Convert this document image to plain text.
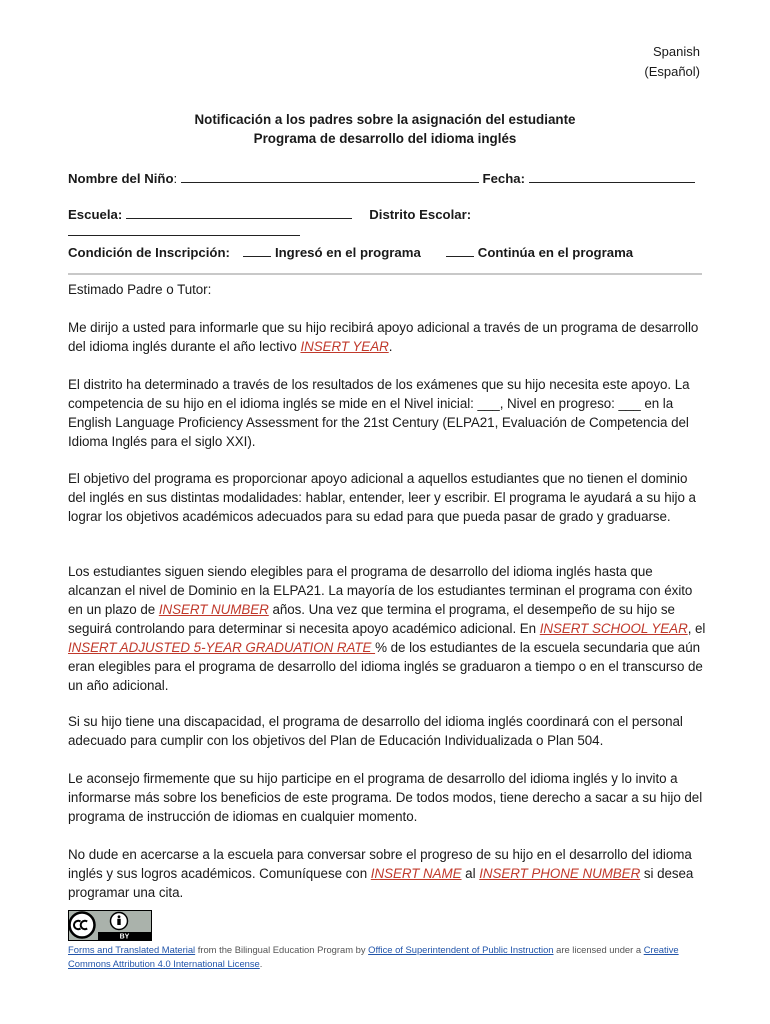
Spanish
(Español)
Notificación a los padres sobre la asignación del estudiante
Programa de desarrollo del idioma inglés
Nombre del Niño:	Fecha:
Escuela:	Distrito Escolar:
Condición de Inscripción:	Ingresó en el programa	Continúa en el programa
Estimado Padre o Tutor:
Me dirijo a usted para informarle que su hijo recibirá apoyo adicional a través de un programa de desarrollo del idioma inglés durante el año lectivo INSERT YEAR.
El distrito ha determinado a través de los resultados de los exámenes que su hijo necesita este apoyo. La competencia de su hijo en el idioma inglés se mide en el Nivel inicial: ___, Nivel en progreso: ___ en la English Language Proficiency Assessment for the 21st Century (ELPA21, Evaluación de Competencia del Idioma Inglés para el siglo XXI).
El objetivo del programa es proporcionar apoyo adicional a aquellos estudiantes que no tienen el dominio del inglés en sus distintas modalidades: hablar, entender, leer y escribir. El programa le ayudará a su hijo a lograr los objetivos académicos adecuados para su edad para que pueda pasar de grado y graduarse.
Los estudiantes siguen siendo elegibles para el programa de desarrollo del idioma inglés hasta que alcanzan el nivel de Dominio en la ELPA21. La mayoría de los estudiantes terminan el programa con éxito en un plazo de INSERT NUMBER años. Una vez que termina el programa, el desempeño de su hijo se seguirá controlando para determinar si necesita apoyo académico adicional. En INSERT SCHOOL YEAR, el INSERT ADJUSTED 5-YEAR GRADUATION RATE % de los estudiantes de la escuela secundaria que aún eran elegibles para el programa de desarrollo del idioma inglés se graduaron a tiempo o en el transcurso de un año adicional.
Si su hijo tiene una discapacidad, el programa de desarrollo del idioma inglés coordinará con el personal adecuado para cumplir con los objetivos del Plan de Educación Individualizada o Plan 504.
Le aconsejo firmemente que su hijo participe en el programa de desarrollo del idioma inglés y lo invito a informarse más sobre los beneficios de este programa. De todos modos, tiene derecho a sacar a su hijo del programa de instrucción de idiomas en cualquier momento.
No dude en acercarse a la escuela para conversar sobre el progreso de su hijo en el desarrollo del idioma inglés y sus logros académicos. Comuníquese con INSERT NAME al INSERT PHONE NUMBER si desea programar una cita.
BY
Forms and Translated Material from the Bilingual Education Program by Office of Superintendent of Public Instruction are licensed under a Creative Commons Attribution 4.0 International License.
